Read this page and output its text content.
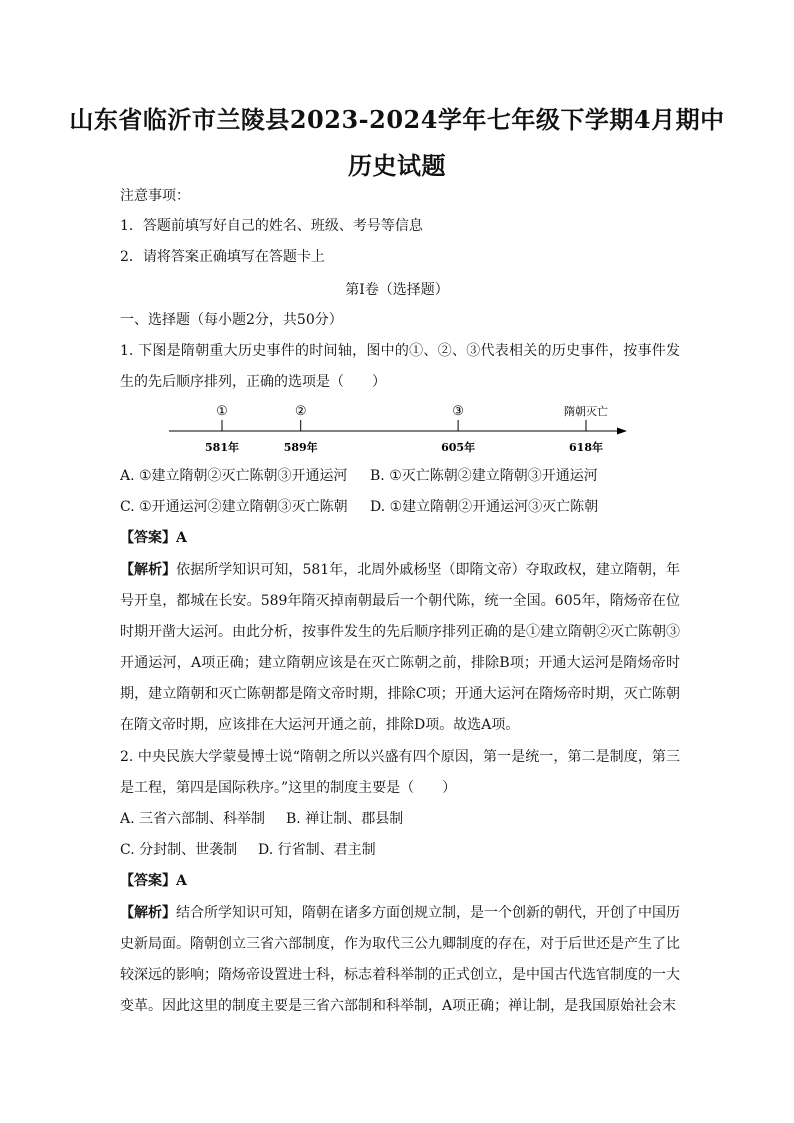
山东省临沂市兰陵县2023-2024学年七年级下学期4月期中
历史试题
注意事项：
1．答题前填写好自己的姓名、班级、考号等信息
2．请将答案正确填写在答题卡上
第I卷（选择题）
一、选择题（每小题2分，共50分）
1. 下图是隋朝重大历史事件的时间轴，图中的①、②、③代表相关的历史事件，按事件发生的先后顺序排列，正确的选项是（　　）
①
581年
②
589年
③
605年
隋朝灭亡
618年
A. ①建立隋朝②灭亡陈朝③开通运河 B. ①灭亡陈朝②建立隋朝③开通运河
C. ①开通运河②建立隋朝③灭亡陈朝 D. ①建立隋朝②开通运河③灭亡陈朝
【答案】A
【解析】依据所学知识可知，581年，北周外戚杨坚（即隋文帝）夺取政权，建立隋朝，年号开皇，都城在长安。589年隋灭掉南朝最后一个朝代陈，统一全国。605年，隋炀帝在位时期开凿大运河。由此分析，按事件发生的先后顺序排列正确的是①建立隋朝②灭亡陈朝③开通运河，A项正确；建立隋朝应该是在灭亡陈朝之前，排除B项；开通大运河是隋炀帝时期，建立隋朝和灭亡陈朝都是隋文帝时期，排除C项；开通大运河在隋炀帝时期，灭亡陈朝在隋文帝时期，应该排在大运河开通之前，排除D项。故选A项。
2. 中央民族大学蒙曼博士说“隋朝之所以兴盛有四个原因，第一是统一，第二是制度，第三是工程，第四是国际秩序。”这里的制度主要是（　　）
A. 三省六部制、科举制 B. 禅让制、郡县制
C. 分封制、世袭制 D. 行省制、君主制
【答案】A
【解析】结合所学知识可知，隋朝在诸多方面创规立制，是一个创新的朝代，开创了中国历史新局面。隋朝创立三省六部制度，作为取代三公九卿制度的存在，对于后世还是产生了比较深远的影响；隋炀帝设置进士科，标志着科举制的正式创立，是中国古代选官制度的一大变革。因此这里的制度主要是三省六部制和科举制，A项正确；禅让制，是我国原始社会末
